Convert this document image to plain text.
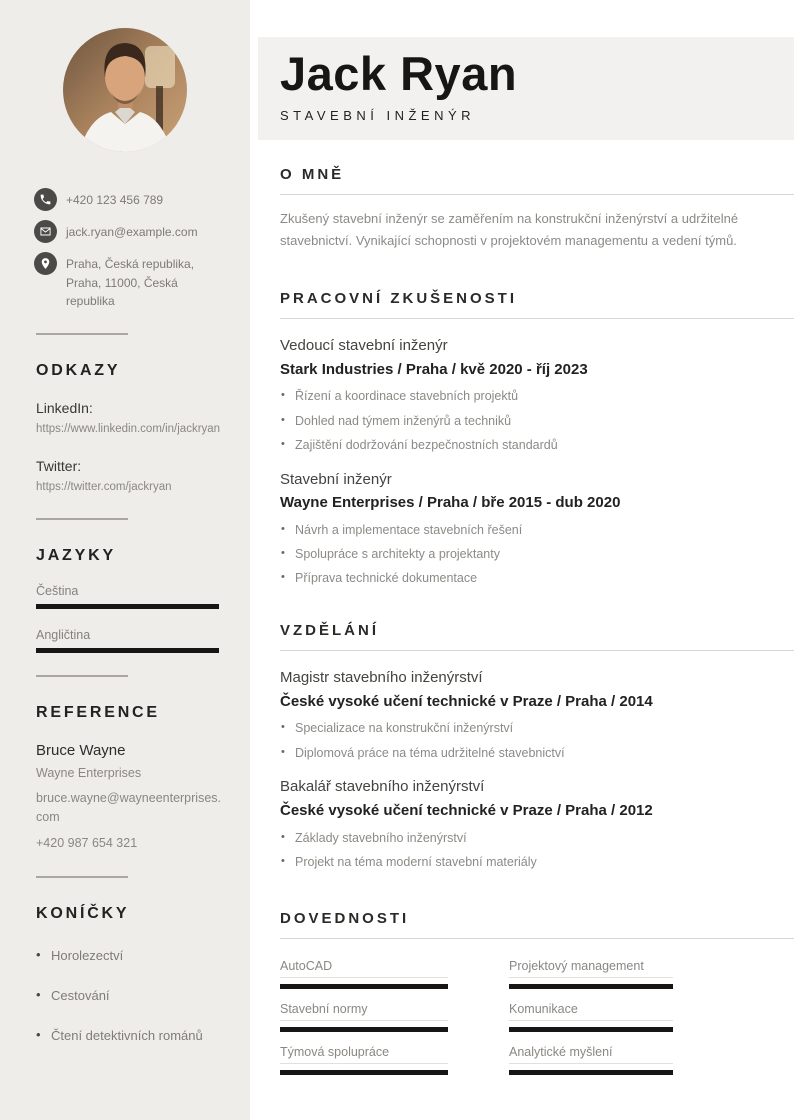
+420 123 456 789
jack.ryan@example.com
Praha, Česká republika, Praha, 11000, Česká republika
ODKAZY
LinkedIn:
https://www.linkedin.com/in/jackryan
Twitter:
https://twitter.com/jackryan
JAZYKY
Čeština
Angličtina
REFERENCE
Bruce Wayne
Wayne Enterprises
bruce.wayne@wayneenterprises.com
+420 987 654 321
KONÍČKY
• Horolezectví
• Cestování
• Čtení detektivních románů
Jack Ryan
STAVEBNÍ INŽENÝR
O MNĚ

Zkušený stavební inženýr se zaměřením na konstrukční inženýrství a udržitelné stavebnictví. Vynikající schopnosti v projektovém managementu a vedení týmů.

PRACOVNÍ ZKUŠENOSTI
Vedoucí stavební inženýr
Stark Industries / Praha / kvě 2020 - říj 2023
• Řízení a koordinace stavebních projektů
• Dohled nad týmem inženýrů a techniků
• Zajištění dodržování bezpečnostních standardů
Stavební inženýr
Wayne Enterprises / Praha / bře 2015 - dub 2020
• Návrh a implementace stavebních řešení
• Spolupráce s architekty a projektanty
• Příprava technické dokumentace
VZDĚLÁNÍ
Magistr stavebního inženýrství
České vysoké učení technické v Praze / Praha / 2014
• Specializace na konstrukční inženýrství
• Diplomová práce na téma udržitelné stavebnictví
Bakalář stavebního inženýrství
České vysoké učení technické v Praze / Praha / 2012
• Základy stavebního inženýrství
• Projekt na téma moderní stavební materiály
DOVEDNOSTI
AutoCAD	Projektový management
Stavební normy	Komunikace
Týmová spolupráce	Analytické myšlení
